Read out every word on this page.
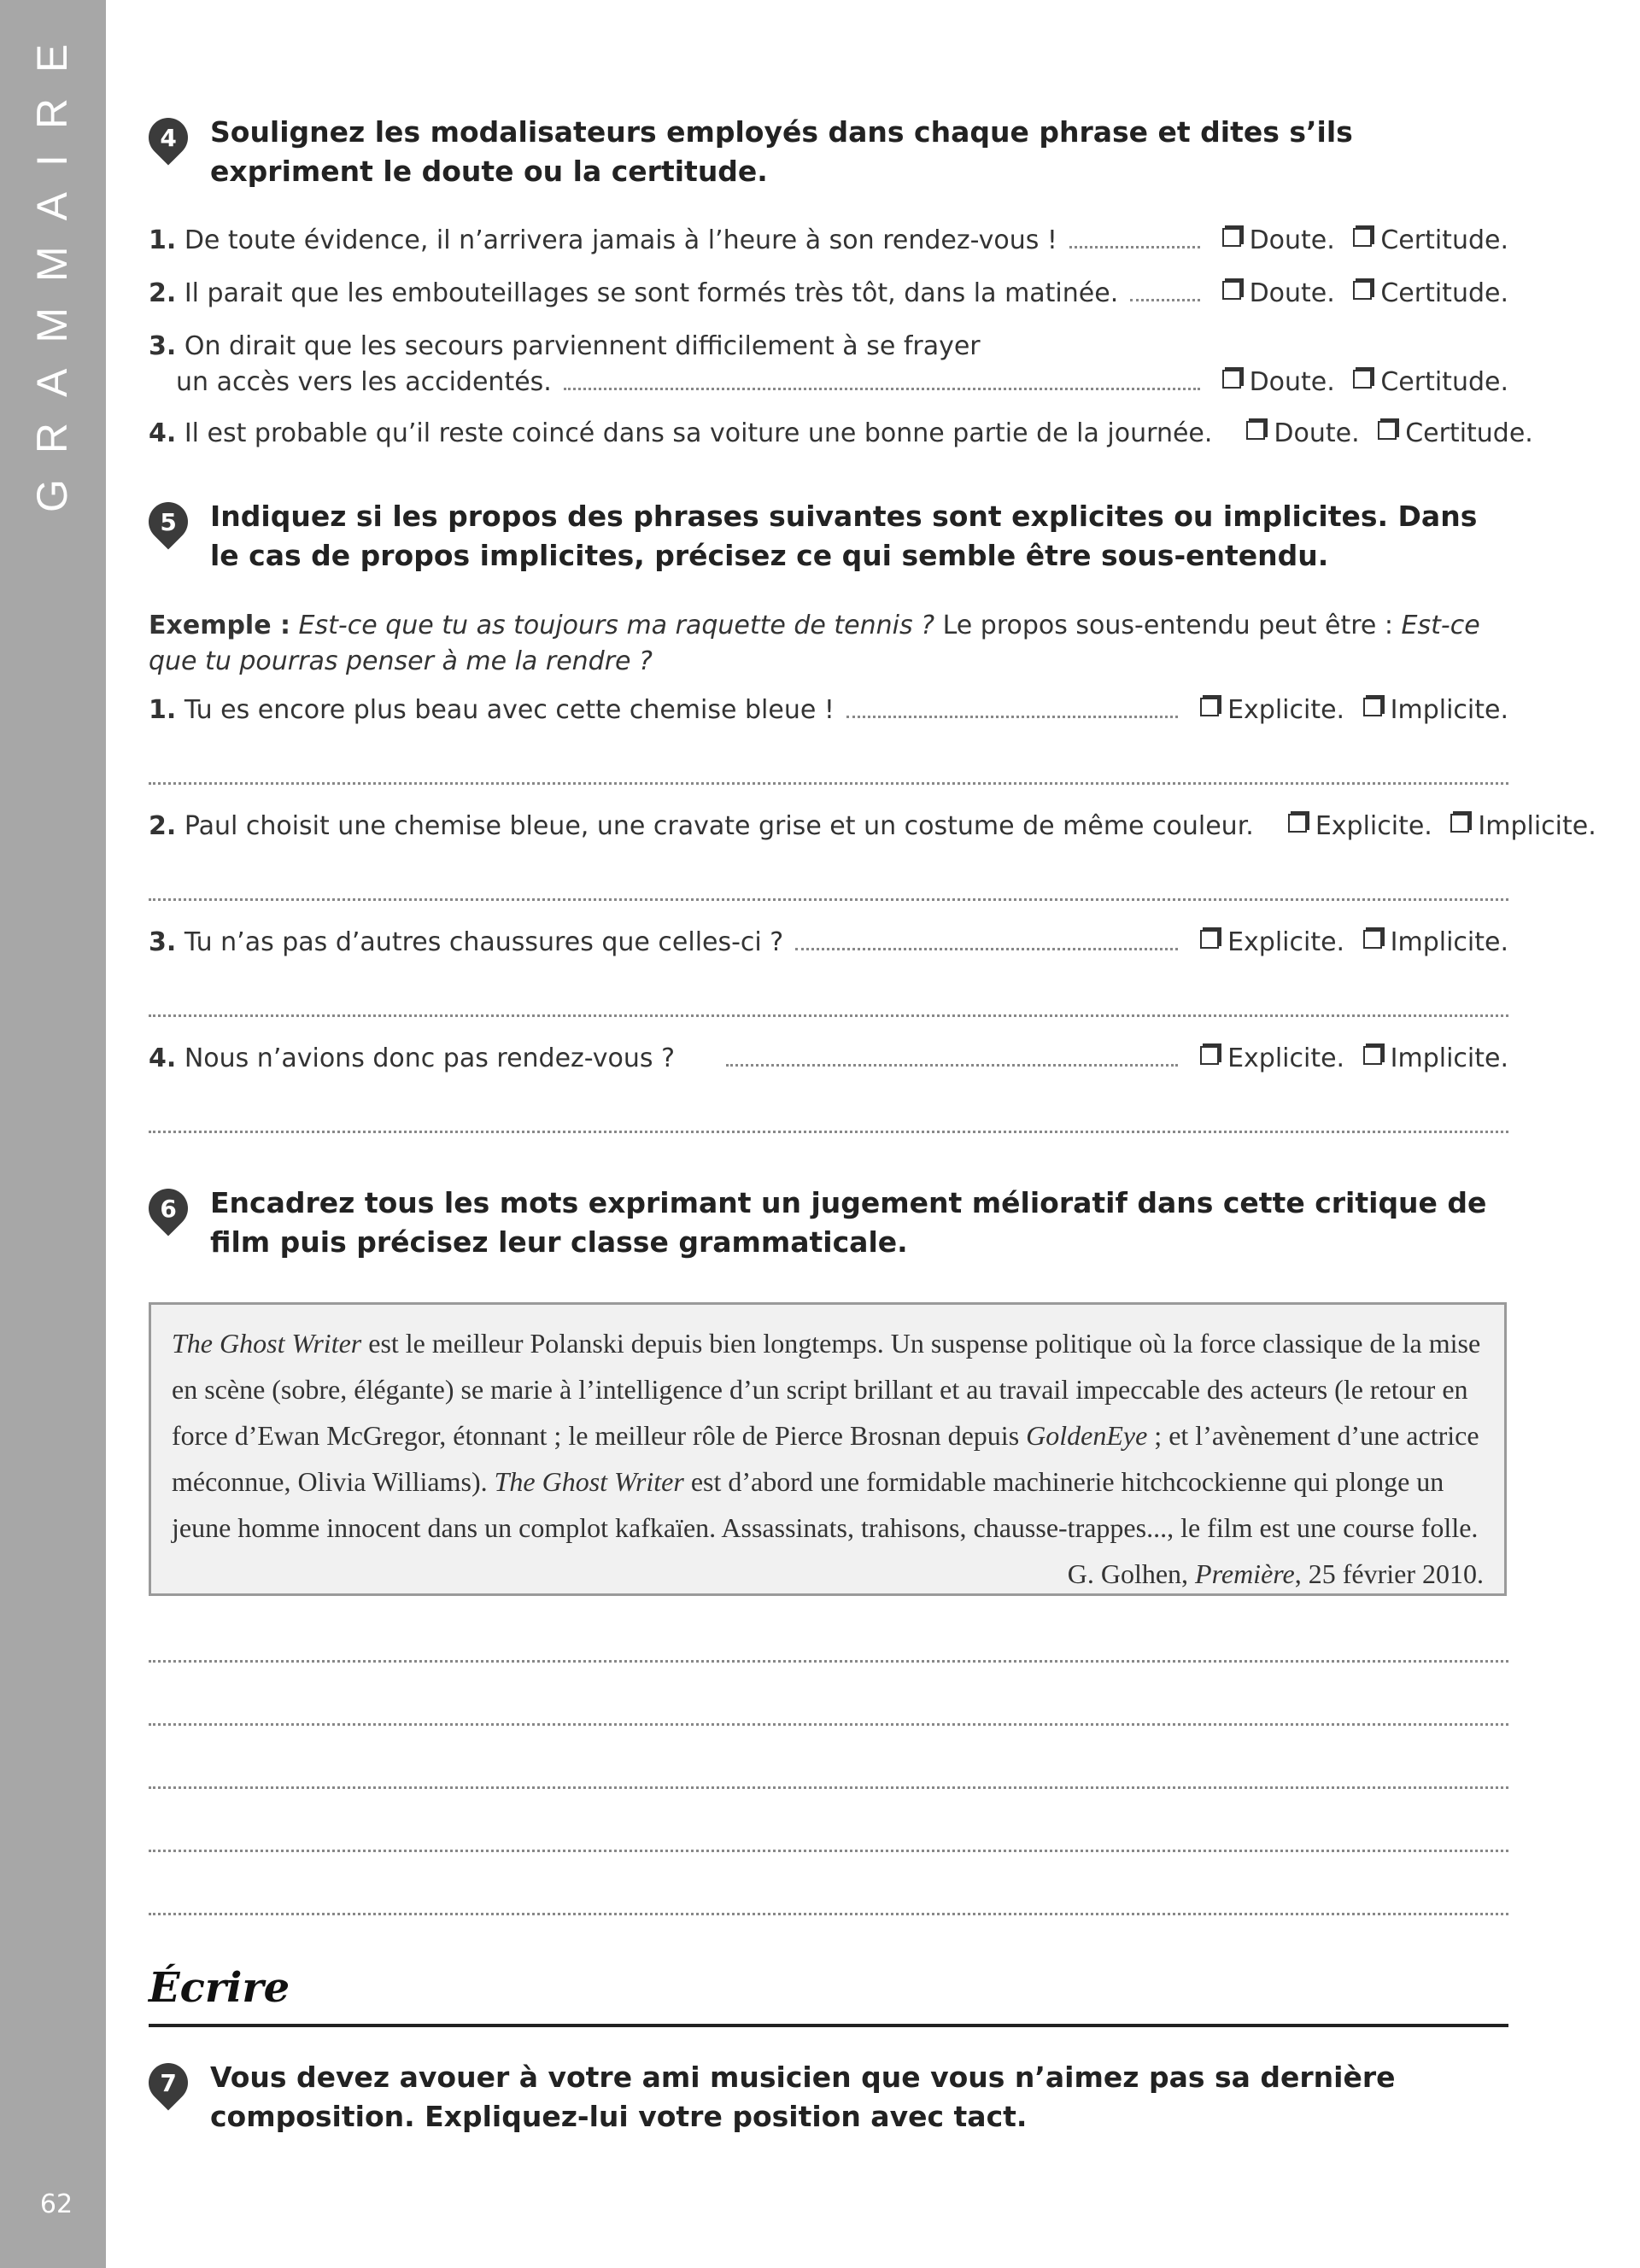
GRAMMAIRE
62
4 Soulignez les modalisateurs employés dans chaque phrase et dites s’ils expriment le doute ou la certitude.
1. De toute évidence, il n’arrivera jamais à l’heure à son rendez-vous !	Doute. Certitude.
2. Il parait que les embouteillages se sont formés très tôt, dans la matinée.	Doute. Certitude.
3. On dirait que les secours parviennent difficilement à se frayer
un accès vers les accidentés.	Doute. Certitude.
4. Il est probable qu’il reste coincé dans sa voiture une bonne partie de la journée.	Doute. Certitude.
5 Indiquez si les propos des phrases suivantes sont explicites ou implicites. Dans le cas de propos implicites, précisez ce qui semble être sous-entendu.
Exemple : Est-ce que tu as toujours ma raquette de tennis ? Le propos sous-entendu peut être : Est-ce que tu pourras penser à me la rendre ?
1. Tu es encore plus beau avec cette chemise bleue !	Explicite. Implicite.
2. Paul choisit une chemise bleue, une cravate grise et un costume de même couleur.	Explicite. Implicite.
3. Tu n’as pas d’autres chaussures que celles-ci ?	Explicite. Implicite.
4. Nous n’avions donc pas rendez-vous ?	Explicite. Implicite.
6 Encadrez tous les mots exprimant un jugement mélioratif dans cette critique de film puis précisez leur classe grammaticale.
The Ghost Writer est le meilleur Polanski depuis bien longtemps. Un suspense politique où la force classique de la mise en scène (sobre, élégante) se marie à l’intelligence d’un script brillant et au travail impeccable des acteurs (le retour en force d’Ewan McGregor, étonnant ; le meilleur rôle de Pierce Brosnan depuis GoldenEye ; et l’avènement d’une actrice méconnue, Olivia Williams). The Ghost Writer est d’abord une formidable machinerie hitchcockienne qui plonge un jeune homme innocent dans un complot kafkaïen. Assassinats, trahisons, chausse-trappes..., le film est une course folle.
G. Golhen, Première, 25 février 2010.
Écrire
7 Vous devez avouer à votre ami musicien que vous n’aimez pas sa dernière composition. Expliquez-lui votre position avec tact.
